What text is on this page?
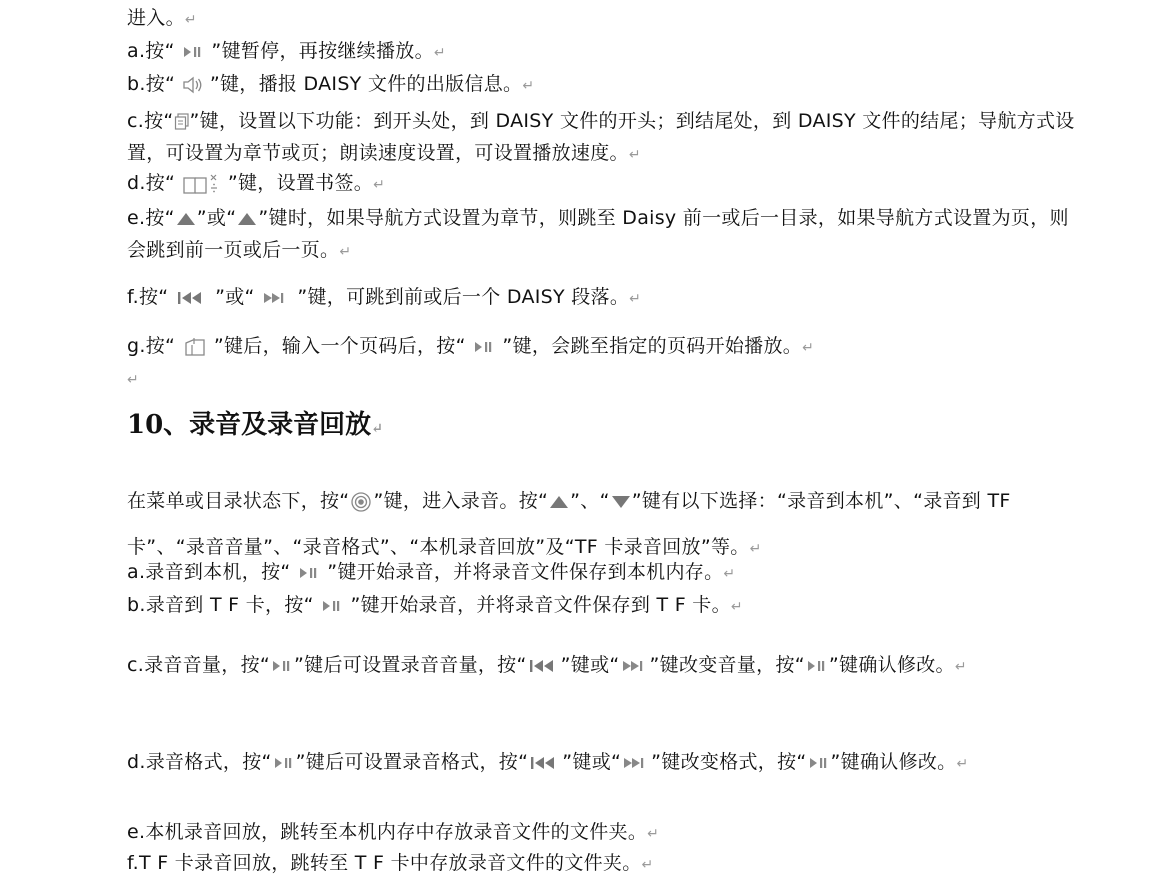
进入。↵
a.按“ ”键暂停，再按继续播放。↵
b.按“ ”键，播报 DAISY 文件的出版信息。↵
c.按“ ”键，设置以下功能：到开头处，到 DAISY 文件的开头；到结尾处，到 DAISY 文件的结尾；导航方式设置，可设置为章节或页；朗读速度设置，可设置播放速度。↵
d.按“	”键，设置书签。↵
e.按“ ”或“ ”键时，如果导航方式设置为章节，则跳至 Daisy 前一或后一目录，如果导航方式设置为页，则会跳到前一页或后一页。↵
f.按“ ”或“ ”键，可跳到前或后一个 DAISY 段落。↵
g.按“ ”键后，输入一个页码后，按“ ”键，会跳至指定的页码开始播放。↵
↵
10、录音及录音回放↵
在菜单或目录状态下，按“ ”键，进入录音。按“ ”、“ ”键有以下选择：“录音到本机”、“录音到 TF 卡”、“录音音量”、“录音格式”、“本机录音回放”及“TF 卡录音回放”等。↵
a.录音到本机，按“ ”键开始录音，并将录音文件保存到本机内存。↵
b.录音到 T F 卡，按“ ”键开始录音，并将录音文件保存到 T F 卡。↵
c.录音音量，按“ ”键后可设置录音音量，按“ ”键或“ ”键改变音量，按“ ”键确认修改。↵
d.录音格式，按“ ”键后可设置录音格式，按“ ”键或“ ”键改变格式，按“ ”键确认修改。↵
e.本机录音回放，跳转至本机内存中存放录音文件的文件夹。↵
f.T F 卡录音回放，跳转至 T F 卡中存放录音文件的文件夹。↵
